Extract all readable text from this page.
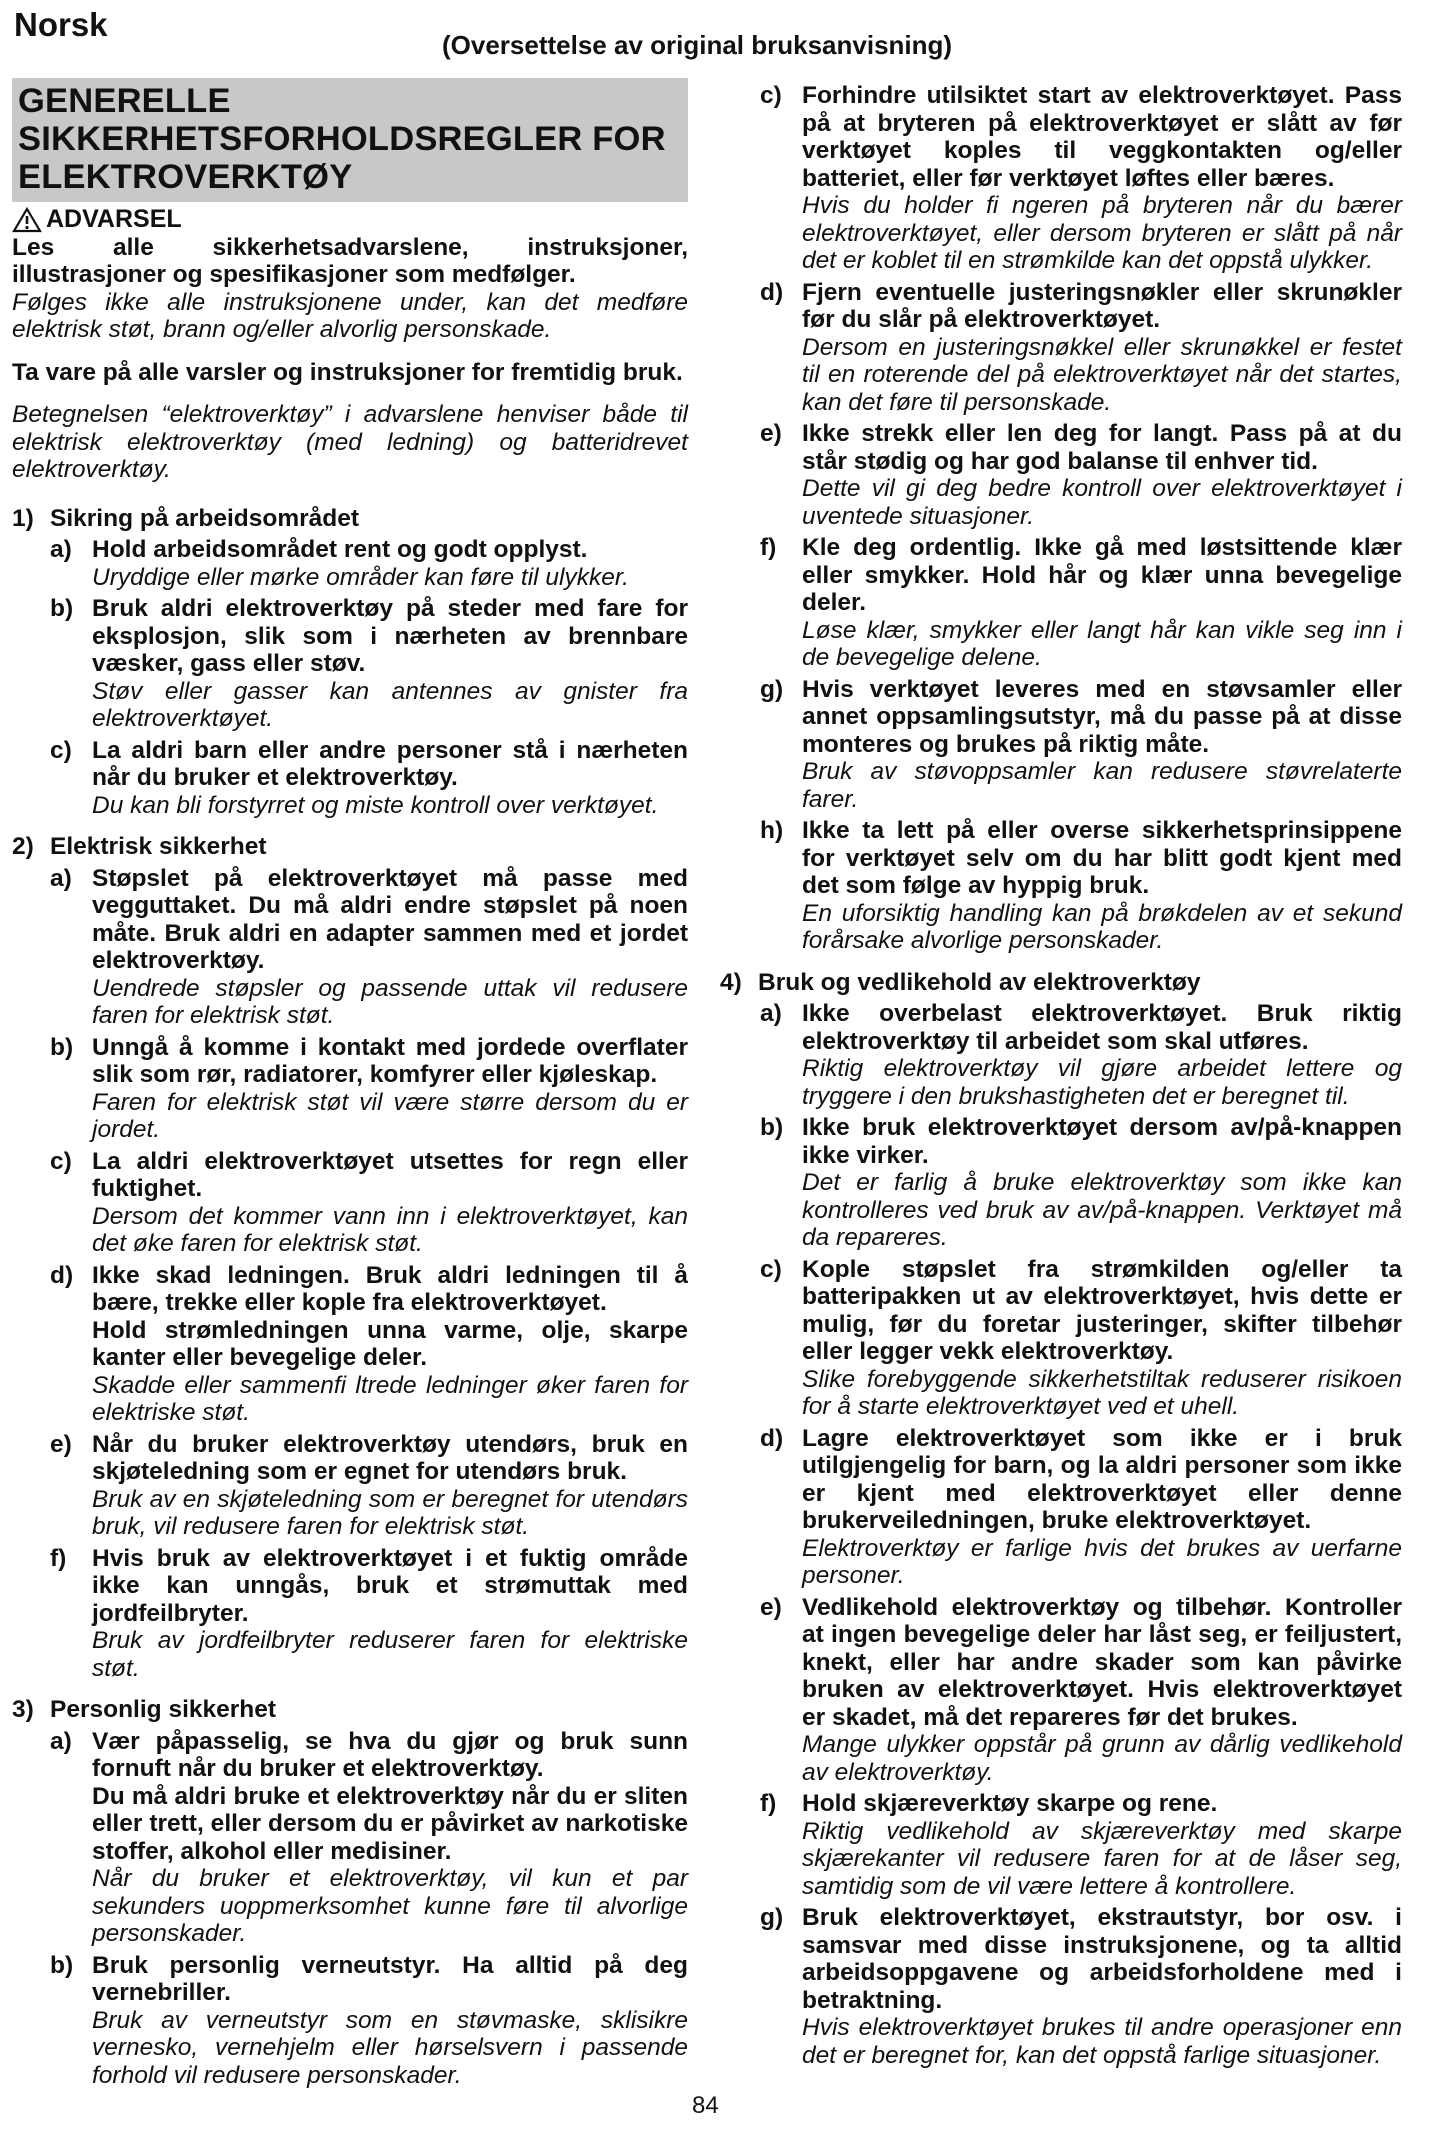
Norsk
(Oversettelse av original bruksanvisning)
GENERELLE SIKKERHETSFORHOLDSREGLER FOR ELEKTROVERKTØY
ADVARSEL

Les alle sikkerhetsadvarslene, instruksjoner, illustrasjoner og spesifikasjoner som medfølger.

Følges ikke alle instruksjonene under, kan det medføre elektrisk støt, brann og/eller alvorlig personskade.

Ta vare på alle varsler og instruksjoner for fremtidig bruk.

Betegnelsen “elektroverktøy” i advarslene henviser både til elektrisk elektroverktøy (med ledning) og batteridrevet elektroverktøy.

1) Sikring på arbeidsområdet
a) Hold arbeidsområdet rent og godt opplyst.

Uryddige eller mørke områder kan føre til ulykker.

b) Bruk aldri elektroverktøy på steder med fare for eksplosjon, slik som i nærheten av brennbare væsker, gass eller støv.

Støv eller gasser kan antennes av gnister fra elektroverktøyet.

c) La aldri barn eller andre personer stå i nærheten når du bruker et elektroverktøy.

Du kan bli forstyrret og miste kontroll over verktøyet.

2) Elektrisk sikkerhet
a) Støpslet på elektroverktøyet må passe med vegguttaket. Du må aldri endre støpslet på noen måte. Bruk aldri en adapter sammen med et jordet elektroverktøy.

Uendrede støpsler og passende uttak vil redusere faren for elektrisk støt.

b) Unngå å komme i kontakt med jordede overflater slik som rør, radiatorer, komfyrer eller kjøleskap.

Faren for elektrisk støt vil være større dersom du er jordet.

c) La aldri elektroverktøyet utsettes for regn eller fuktighet.

Dersom det kommer vann inn i elektroverktøyet, kan det øke faren for elektrisk støt.

d) Ikke skad ledningen. Bruk aldri ledningen til å bære, trekke eller kople fra elektroverktøyet.

Hold strømledningen unna varme, olje, skarpe kanter eller bevegelige deler.

Skadde eller sammenfi ltrede ledninger øker faren for elektriske støt.

e) Når du bruker elektroverktøy utendørs, bruk en skjøteledning som er egnet for utendørs bruk.

Bruk av en skjøteledning som er beregnet for utendørs bruk, vil redusere faren for elektrisk støt.

f)	Hvis bruk av elektroverktøyet i et fuktig område ikke kan unngås, bruk et strømuttak med jordfeilbryter.

Bruk av jordfeilbryter reduserer faren for elektriske støt.

3) Personlig sikkerhet
a) Vær påpasselig, se hva du gjør og bruk sunn fornuft når du bruker et elektroverktøy.

Du må aldri bruke et elektroverktøy når du er sliten eller trett, eller dersom du er påvirket av narkotiske stoffer, alkohol eller medisiner.

Når du bruker et elektroverktøy, vil kun et par sekunders uoppmerksomhet kunne føre til alvorlige personskader.

b) Bruk personlig verneutstyr. Ha alltid på deg vernebriller.

Bruk av verneutstyr som en støvmaske, sklisikre vernesko, vernehjelm eller hørselsvern i passende forhold vil redusere personskader.

c) Forhindre utilsiktet start av elektroverktøyet. Pass på at bryteren på elektroverktøyet er slått av før verktøyet koples til veggkontakten og/eller batteriet, eller før verktøyet løftes eller bæres.

Hvis du holder fi ngeren på bryteren når du bærer elektroverktøyet, eller dersom bryteren er slått på når det er koblet til en strømkilde kan det oppstå ulykker.

d) Fjern eventuelle justeringsnøkler eller skrunøkler før du slår på elektroverktøyet.

Dersom en justeringsnøkkel eller skrunøkkel er festet til en roterende del på elektroverktøyet når det startes, kan det føre til personskade.

e) Ikke strekk eller len deg for langt. Pass på at du står stødig og har god balanse til enhver tid.

Dette vil gi deg bedre kontroll over elektroverktøyet i uventede situasjoner.

f)	Kle deg ordentlig. Ikke gå med løstsittende klær eller smykker. Hold hår og klær unna bevegelige deler.

Løse klær, smykker eller langt hår kan vikle seg inn i de bevegelige delene.

g) Hvis verktøyet leveres med en støvsamler eller annet oppsamlingsutstyr, må du passe på at disse monteres og brukes på riktig måte.

Bruk av støvoppsamler kan redusere støvrelaterte farer.

h) Ikke ta lett på eller overse sikkerhetsprinsippene for verktøyet selv om du har blitt godt kjent med det som følge av hyppig bruk.

En uforsiktig handling kan på brøkdelen av et sekund forårsake alvorlige personskader.

4) Bruk og vedlikehold av elektroverktøy
a) Ikke overbelast elektroverktøyet. Bruk riktig elektroverktøy til arbeidet som skal utføres.

Riktig elektroverktøy vil gjøre arbeidet lettere og tryggere i den brukshastigheten det er beregnet til.

b) Ikke bruk elektroverktøyet dersom av/på-knappen ikke virker.

Det er farlig å bruke elektroverktøy som ikke kan kontrolleres ved bruk av av/på-knappen. Verktøyet må da repareres.

c) Kople støpslet fra strømkilden og/eller ta batteripakken ut av elektroverktøyet, hvis dette er mulig, før du foretar justeringer, skifter tilbehør eller legger vekk elektroverktøy.

Slike forebyggende sikkerhetstiltak reduserer risikoen for å starte elektroverktøyet ved et uhell.

d) Lagre elektroverktøyet som ikke er i bruk utilgjengelig for barn, og la aldri personer som ikke er kjent med elektroverktøyet eller denne brukerveiledningen, bruke elektroverktøyet.

Elektroverktøy er farlige hvis det brukes av uerfarne personer.

e) Vedlikehold elektroverktøy og tilbehør. Kontroller at ingen bevegelige deler har låst seg, er feiljustert, knekt, eller har andre skader som kan påvirke bruken av elektroverktøyet. Hvis elektroverktøyet er skadet, må det repareres før det brukes.

Mange ulykker oppstår på grunn av dårlig vedlikehold av elektroverktøy.

f)	Hold skjæreverktøy skarpe og rene.

Riktig vedlikehold av skjæreverktøy med skarpe skjærekanter vil redusere faren for at de låser seg, samtidig som de vil være lettere å kontrollere.

g) Bruk elektroverktøyet, ekstrautstyr, bor osv. i samsvar med disse instruksjonene, og ta alltid arbeidsoppgavene og arbeidsforholdene med i betraktning.

Hvis elektroverktøyet brukes til andre operasjoner enn det er beregnet for, kan det oppstå farlige situasjoner.

84
